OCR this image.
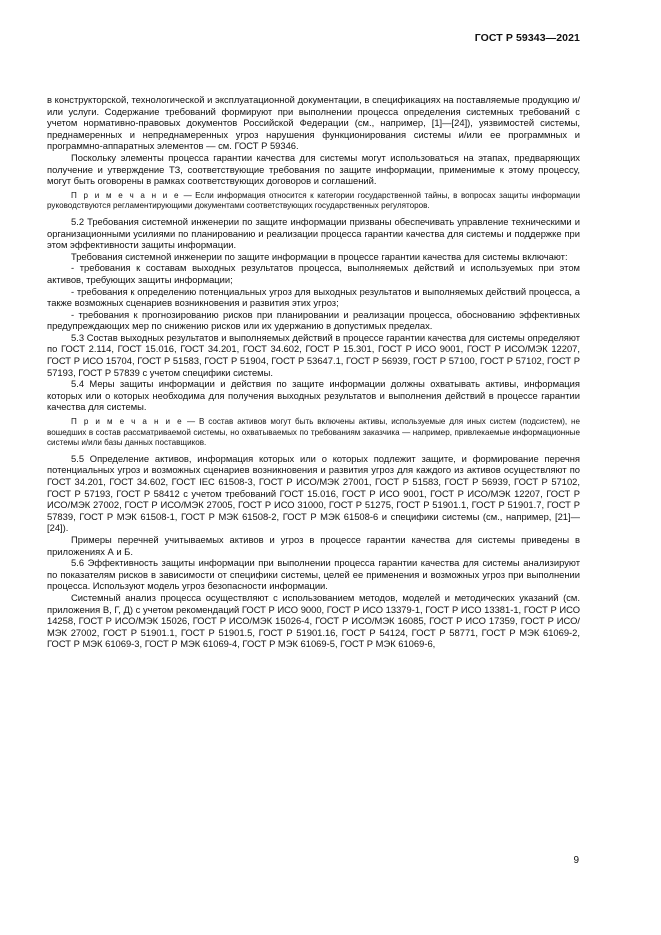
ГОСТ Р 59343—2021

в конструкторской, технологической и эксплуатационной документации, в спецификациях на поставляемые продукцию и/или услуги. Содержание требований формируют при выполнении процесса определения системных требований с учетом нормативно-правовых документов Российской Федерации (см., например, [1]—[24]), уязвимостей системы, преднамеренных и непреднамеренных угроз нарушения функционирования системы и/или ее программных и программно-аппаратных элементов — см. ГОСТ Р 59346.

Поскольку элементы процесса гарантии качества для системы могут использоваться на этапах, предваряющих получение и утверждение ТЗ, соответствующие требования по защите информации, применимые к этому процессу, могут быть оговорены в рамках соответствующих договоров и соглашений.

П р и м е ч а н и е — Если информация относится к категории государственной тайны, в вопросах защиты информации руководствуются регламентирующими документами соответствующих государственных регуляторов.

5.2 Требования системной инженерии по защите информации призваны обеспечивать управление техническими и организационными усилиями по планированию и реализации процесса гарантии качества для системы и поддержке при этом эффективности защиты информации.

Требования системной инженерии по защите информации в процессе гарантии качества для системы включают:

- требования к составам выходных результатов процесса, выполняемых действий и используемых при этом активов, требующих защиты информации;

- требования к определению потенциальных угроз для выходных результатов и выполняемых действий процесса, а также возможных сценариев возникновения и развития этих угроз;

- требования к прогнозированию рисков при планировании и реализации процесса, обоснованию эффективных предупреждающих мер по снижению рисков или их удержанию в допустимых пределах.

5.3 Состав выходных результатов и выполняемых действий в процессе гарантии качества для системы определяют по ГОСТ 2.114, ГОСТ 15.016, ГОСТ 34.201, ГОСТ 34.602, ГОСТ Р 15.301, ГОСТ Р ИСО 9001, ГОСТ Р ИСО/МЭК 12207, ГОСТ Р ИСО 15704, ГОСТ Р 51583, ГОСТ Р 51904, ГОСТ Р 53647.1, ГОСТ Р 56939, ГОСТ Р 57100, ГОСТ Р 57102, ГОСТ Р 57193, ГОСТ Р 57839 с учетом специфики системы.

5.4 Меры защиты информации и действия по защите информации должны охватывать активы, информация которых или о которых необходима для получения выходных результатов и выполнения действий в процессе гарантии качества для системы.

П р и м е ч а н и е — В состав активов могут быть включены активы, используемые для иных систем (подсистем), не вошедших в состав рассматриваемой системы, но охватываемых по требованиям заказчика — например, привлекаемые информационные системы и/или базы данных поставщиков.

5.5 Определение активов, информация которых или о которых подлежит защите, и формирование перечня потенциальных угроз и возможных сценариев возникновения и развития угроз для каждого из активов осуществляют по ГОСТ 34.201, ГОСТ 34.602, ГОСТ IEC 61508-3, ГОСТ Р ИСО/МЭК 27001, ГОСТ Р 51583, ГОСТ Р 56939, ГОСТ Р 57102, ГОСТ Р 57193, ГОСТ Р 58412 с учетом требований ГОСТ 15.016, ГОСТ Р ИСО 9001, ГОСТ Р ИСО/МЭК 12207, ГОСТ Р ИСО/МЭК 27002, ГОСТ Р ИСО/МЭК 27005, ГОСТ Р ИСО 31000, ГОСТ Р 51275, ГОСТ Р 51901.1, ГОСТ Р 51901.7, ГОСТ Р 57839, ГОСТ Р МЭК 61508-1, ГОСТ Р МЭК 61508-2, ГОСТ Р МЭК 61508-6 и специфики системы (см., например, [21]—[24]).

Примеры перечней учитываемых активов и угроз в процессе гарантии качества для системы приведены в приложениях А и Б.

5.6 Эффективность защиты информации при выполнении процесса гарантии качества для системы анализируют по показателям рисков в зависимости от специфики системы, целей ее применения и возможных угроз при выполнении процесса. Используют модель угроз безопасности информации.

Системный анализ процесса осуществляют с использованием методов, моделей и методических указаний (см. приложения В, Г, Д) с учетом рекомендаций ГОСТ Р ИСО 9000, ГОСТ Р ИСО 13379-1, ГОСТ Р ИСО 13381-1, ГОСТ Р ИСО 14258, ГОСТ Р ИСО/МЭК 15026, ГОСТ Р ИСО/МЭК 15026-4, ГОСТ Р ИСО/МЭК 16085, ГОСТ Р ИСО 17359, ГОСТ Р ИСО/МЭК 27002, ГОСТ Р 51901.1, ГОСТ Р 51901.5, ГОСТ Р 51901.16, ГОСТ Р 54124, ГОСТ Р 58771, ГОСТ Р МЭК 61069-2, ГОСТ Р МЭК 61069-3, ГОСТ Р МЭК 61069-4, ГОСТ Р МЭК 61069-5, ГОСТ Р МЭК 61069-6,

9
